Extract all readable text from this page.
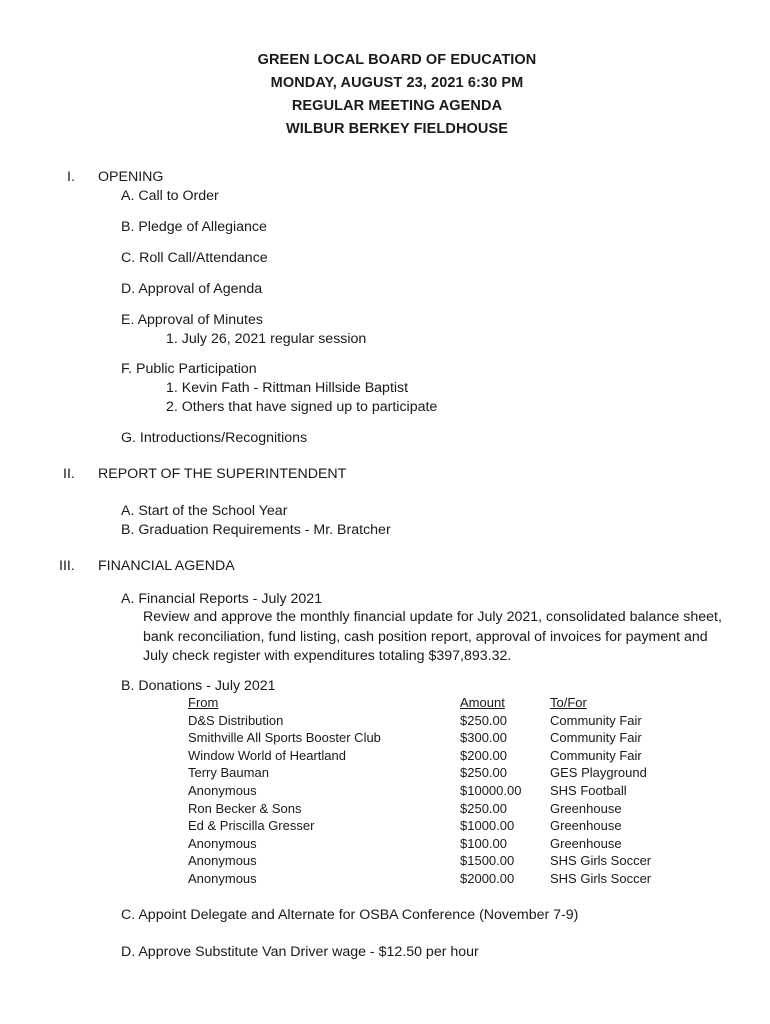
GREEN LOCAL BOARD OF EDUCATION
MONDAY, AUGUST 23, 2021 6:30 PM
REGULAR MEETING AGENDA
WILBUR BERKEY FIELDHOUSE
I. OPENING
A. Call to Order
B. Pledge of Allegiance
C. Roll Call/Attendance
D. Approval of Agenda
E. Approval of Minutes
1. July 26, 2021 regular session
F. Public Participation
1. Kevin Fath - Rittman Hillside Baptist
2. Others that have signed up to participate
G. Introductions/Recognitions
II. REPORT OF THE SUPERINTENDENT
A. Start of the School Year
B. Graduation Requirements - Mr. Bratcher
III. FINANCIAL AGENDA
A. Financial Reports - July 2021
Review and approve the monthly financial update for July 2021, consolidated balance sheet, bank reconciliation, fund listing, cash position report, approval of invoices for payment and July check register with expenditures totaling $397,893.32.
B. Donations - July 2021
From	Amount	To/For
D&S Distribution	$250.00	Community Fair
Smithville All Sports Booster Club	$300.00	Community Fair
Window World of Heartland	$200.00	Community Fair
Terry Bauman	$250.00	GES Playground
Anonymous	$10000.00 SHS Football
Ron Becker & Sons	$250.00	Greenhouse
Ed & Priscilla Gresser	$1000.00	Greenhouse
Anonymous	$100.00	Greenhouse
Anonymous	$1500.00	SHS Girls Soccer
Anonymous	$2000.00	SHS Girls Soccer
C. Appoint Delegate and Alternate for OSBA Conference (November 7-9)
D. Approve Substitute Van Driver wage - $12.50 per hour
